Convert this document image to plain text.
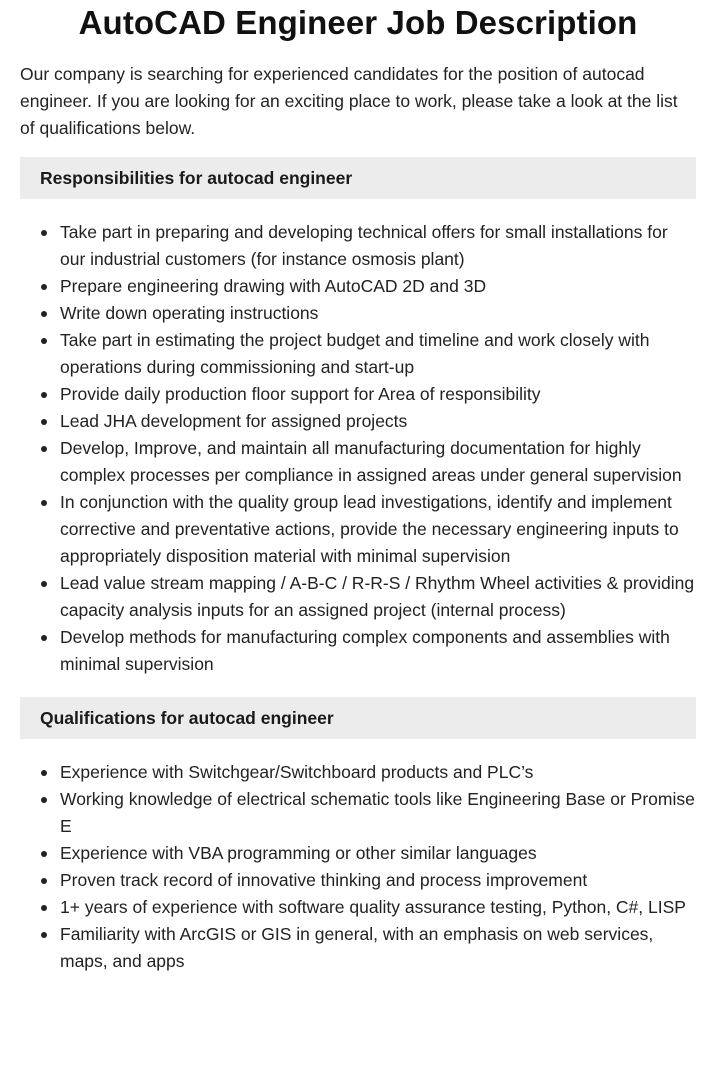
AutoCAD Engineer Job Description

Our company is searching for experienced candidates for the position of autocad engineer. If you are looking for an exciting place to work, please take a look at the list of qualifications below.

Responsibilities for autocad engineer
Take part in preparing and developing technical offers for small installations for our industrial customers (for instance osmosis plant)
Prepare engineering drawing with AutoCAD 2D and 3D
Write down operating instructions
Take part in estimating the project budget and timeline and work closely with operations during commissioning and start-up
Provide daily production floor support for Area of responsibility
Lead JHA development for assigned projects
Develop, Improve, and maintain all manufacturing documentation for highly complex processes per compliance in assigned areas under general supervision
In conjunction with the quality group lead investigations, identify and implement corrective and preventative actions, provide the necessary engineering inputs to appropriately disposition material with minimal supervision
Lead value stream mapping / A-B-C / R-R-S / Rhythm Wheel activities & providing capacity analysis inputs for an assigned project (internal process)
Develop methods for manufacturing complex components and assemblies with minimal supervision
Qualifications for autocad engineer
Experience with Switchgear/Switchboard products and PLC’s
Working knowledge of electrical schematic tools like Engineering Base or Promise E
Experience with VBA programming or other similar languages
Proven track record of innovative thinking and process improvement
1+ years of experience with software quality assurance testing, Python, C#, LISP
Familiarity with ArcGIS or GIS in general, with an emphasis on web services, maps, and apps
